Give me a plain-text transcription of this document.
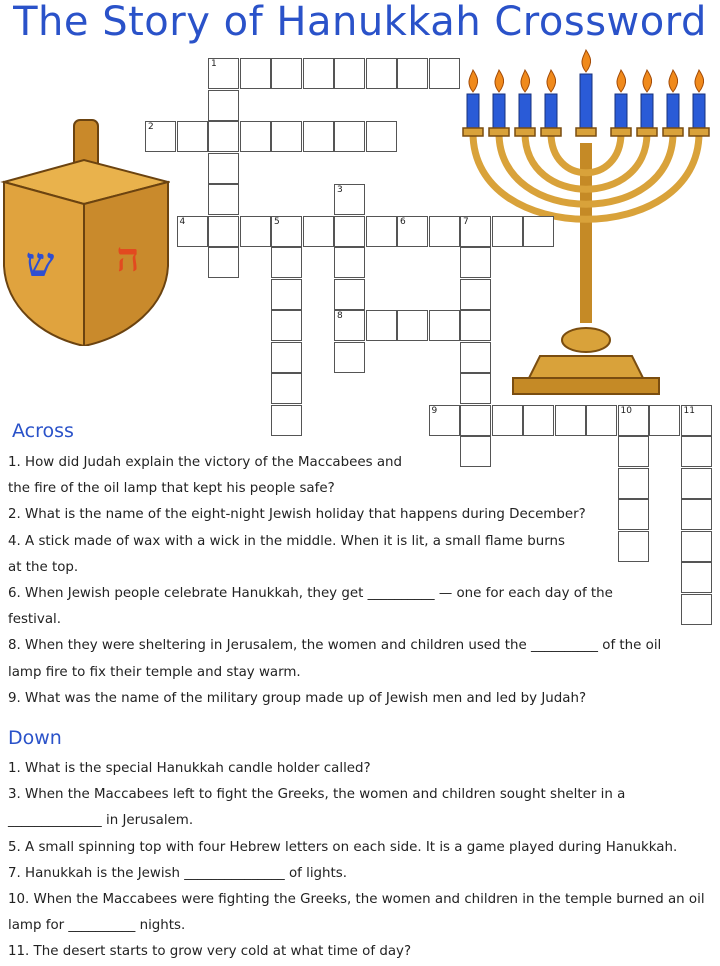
The Story of Hanukkah Crossword
ש ה
1
2
4	5	6	7
8
9	10	11
3
Across
1. How did Judah explain the victory of the Maccabees and
the fire of the oil lamp that kept his people safe?
2. What is the name of the eight-night Jewish holiday that happens during December?
4. A stick made of wax with a wick in the middle. When it is lit, a small flame burns
at the top.
6. When Jewish people celebrate Hanukkah, they get __________ — one for each day of the
festival.
8. When they were sheltering in Jerusalem, the women and children used the __________ of the oil
lamp fire to fix their temple and stay warm.
9. What was the name of the military group made up of Jewish men and led by Judah?
Down
1. What is the special Hanukkah candle holder called?
3. When the Maccabees left to fight the Greeks, the women and children sought shelter in a
______________ in Jerusalem.
5. A small spinning top with four Hebrew letters on each side. It is a game played during Hanukkah.
7. Hanukkah is the Jewish _______________ of lights.
10. When the Maccabees were fighting the Greeks, the women and children in the temple burned an oil
lamp for __________ nights.
11. The desert starts to grow very cold at what time of day?
